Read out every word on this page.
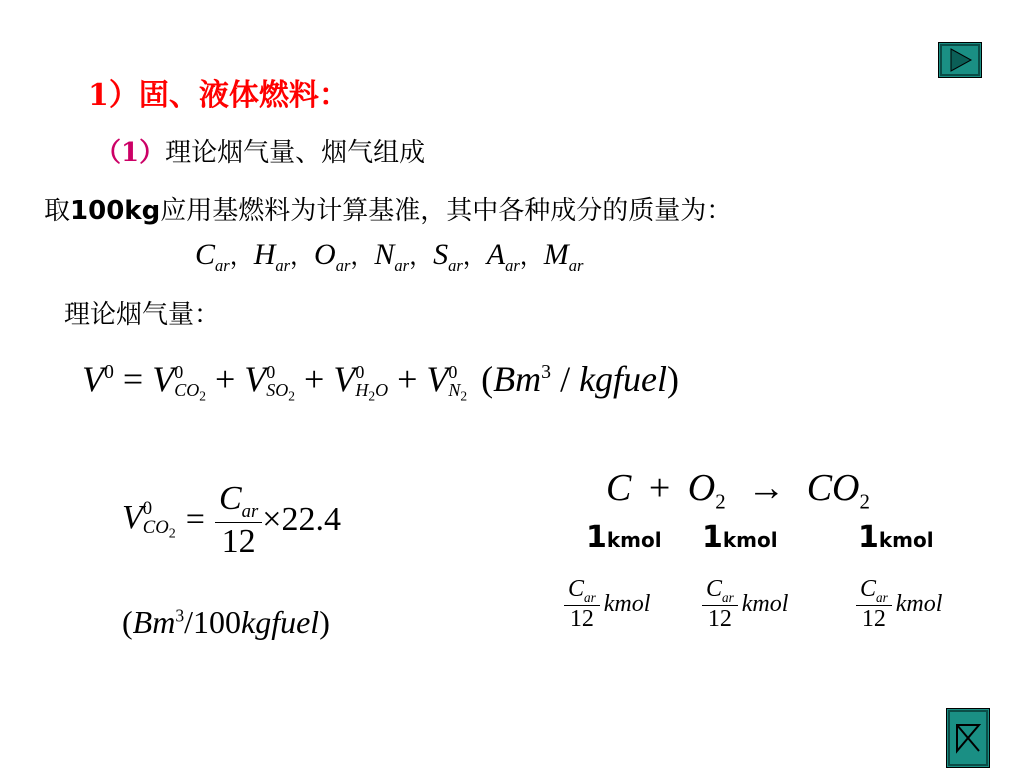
1）固、液体燃料：
（1）理论烟气量、烟气组成
取100kg应用基燃料为计算基准，其中各种成分的质量为：
$C_{ar}$，$H_{ar}$，$O_{ar}$，$N_{ar}$，$S_{ar}$，$A_{ar}$，$M_{ar}$
理论烟气量：
$V^0 = V$ 0
$CO_2 + V$ 0
$SO_2 + V$ 0
$H_2O + V$ 0
$N_2$ (Bm$^3$ / kgfuel)
V 0
$CO_2 = \frac{C_{ar}}{12} \times 22.4$
(Bm$^3$/100kgfuel)
$C + O_2 \to CO_2$
1kmol 1kmol	1kmol
$\frac{C_{ar}}{12}$ kmol $\frac{C_{ar}}{12}$ kmol	$\frac{C_{ar}}{12}$ kmol
